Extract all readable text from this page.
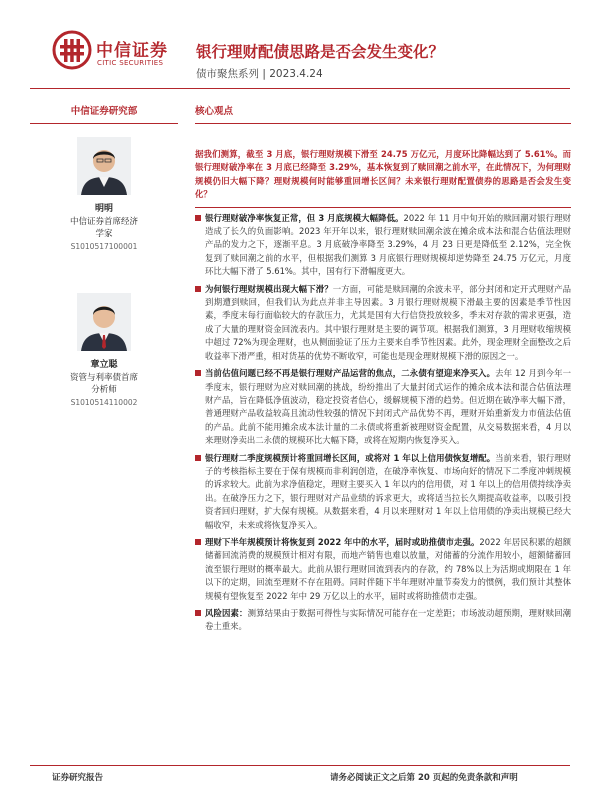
中信证券
CITIC SECURITIES
银行理财配债思路是否会发生变化？
债市聚焦系列 | 2023.4.24
中信证券研究部
明明
中信证券首席经济
学家
S1010517100001
章立聪
资管与利率债首席
分析师
S1010514110002
核心观点
据我们测算，截至 3 月底，银行理财规模下滑至 24.75 万亿元，月度环比降幅达到了 5.61%。而银行理财破净率在 3 月底已经降至 3.29%，基本恢复到了赎回潮之前水平，在此情况下，为何理财规模仍旧大幅下降？理财规模何时能够重回增长区间？未来银行理财配置债券的思路是否会发生变化？
银行理财破净率恢复正常，但 3 月底规模大幅降低。2022 年 11 月中旬开始的赎回潮对银行理财造成了长久的负面影响。2023 年开年以来，银行理财赎回潮余波在摊余成本法和混合估值法理财产品的发力之下，逐渐平息。3 月底破净率降至 3.29%，4 月 23 日更是降低至 2.12%，完全恢复到了赎回潮之前的水平，但根据我们测算 3 月底银行理财规模却逆势降至 24.75 万亿元，月度环比大幅下滑了 5.61%。其中，国有行下滑幅度更大。
为何银行理财规模出现大幅下滑？一方面，可能是赎回潮的余波未平，部分封闭和定开式理财产品到期遭到赎回，但我们认为此点并非主导因素。3 月银行理财规模下滑最主要的因素是季节性因素，季度末每行面临较大的存款压力，尤其是国有大行信贷投放较多，季末对存款的需求更强，造成了大量的理财资金回流表内。其中银行理财是主要的调节项。根据我们测算，3 月理财收缩规模中超过 72%为现金理财，也从侧面验证了压力主要来自季节性因素。此外，现金理财全面整改之后收益率下滑严重，相对货基的优势不断收窄，可能也是现金理财规模下滑的原因之一。
当前估值问题已经不再是银行理财产品运营的焦点，二永债有望迎来净买入。去年 12 月到今年一季度末，银行理财为应对赎回潮的挑战，纷纷推出了大量封闭式运作的摊余成本法和混合估值法理财产品，旨在降低净值波动，稳定投资者信心，缓解规模下滑的趋势。但近期在破净率大幅下滑，普通理财产品收益较高且流动性较强的情况下封闭式产品优势不再，理财开始重新发力市值法估值的产品。此前不能用摊余成本法计量的二永债或将重新被理财资金配置，从交易数据来看，4 月以来理财净卖出二永债的规模环比大幅下降，或将在短期内恢复净买入。
银行理财二季度规模预计将重回增长区间，或将对 1 年以上信用债恢复增配。当前来看，银行理财子的考核指标主要在于保有规模而非利润创造，在破净率恢复、市场向好的情况下二季度冲刺规模的诉求较大。此前为求净值稳定，理财主要买入 1 年以内的信用债，对 1 年以上的信用债持续净卖出。在破净压力之下，银行理财对产品业绩的诉求更大，或将适当拉长久期提高收益率，以吸引投资者回归理财，扩大保有规模。从数据来看，4 月以来理财对 1 年以上信用债的净卖出规模已经大幅收窄，未来或将恢复净买入。
理财下半年规模预计将恢复到 2022 年中的水平，届时或助推债市走强。2022 年居民积累的超额储蓄回流消费的规模预计相对有限，而地产销售也难以放量，对储蓄的分流作用较小，超额储蓄回流至银行理财的概率最大。此前从银行理财回流到表内的存款，约 78%以上为活期或期限在 1 年以下的定期，回流至理财不存在阻碍。同时伴随下半年理财冲量节奏发力的惯例，我们预计其整体规模有望恢复至 2022 年中 29 万亿以上的水平，届时或将助推债市走强。
风险因素：测算结果由于数据可得性与实际情况可能存在一定差距；市场波动超预期，理财赎回潮卷土重来。
证券研究报告	请务必阅读正文之后第 20 页起的免责条款和声明
